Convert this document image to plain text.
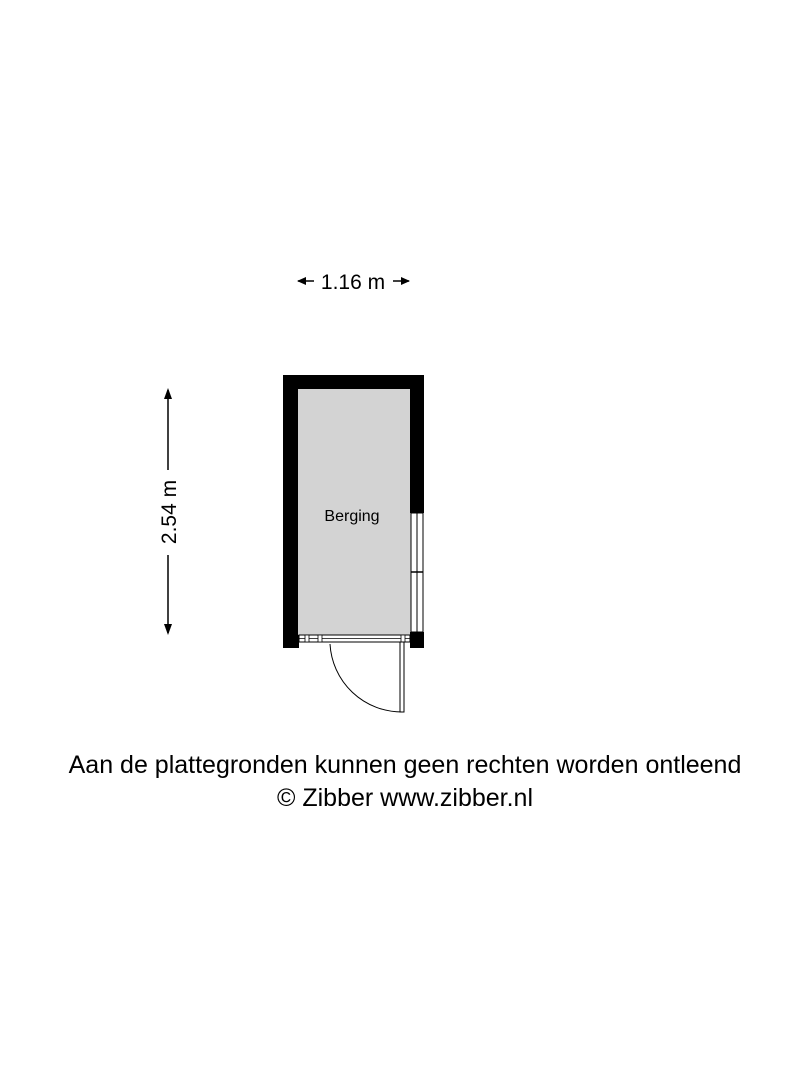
1.16 m
2.54 m	Berging
Aan de plattegronden kunnen geen rechten worden ontleend
© Zibber www.zibber.nl
